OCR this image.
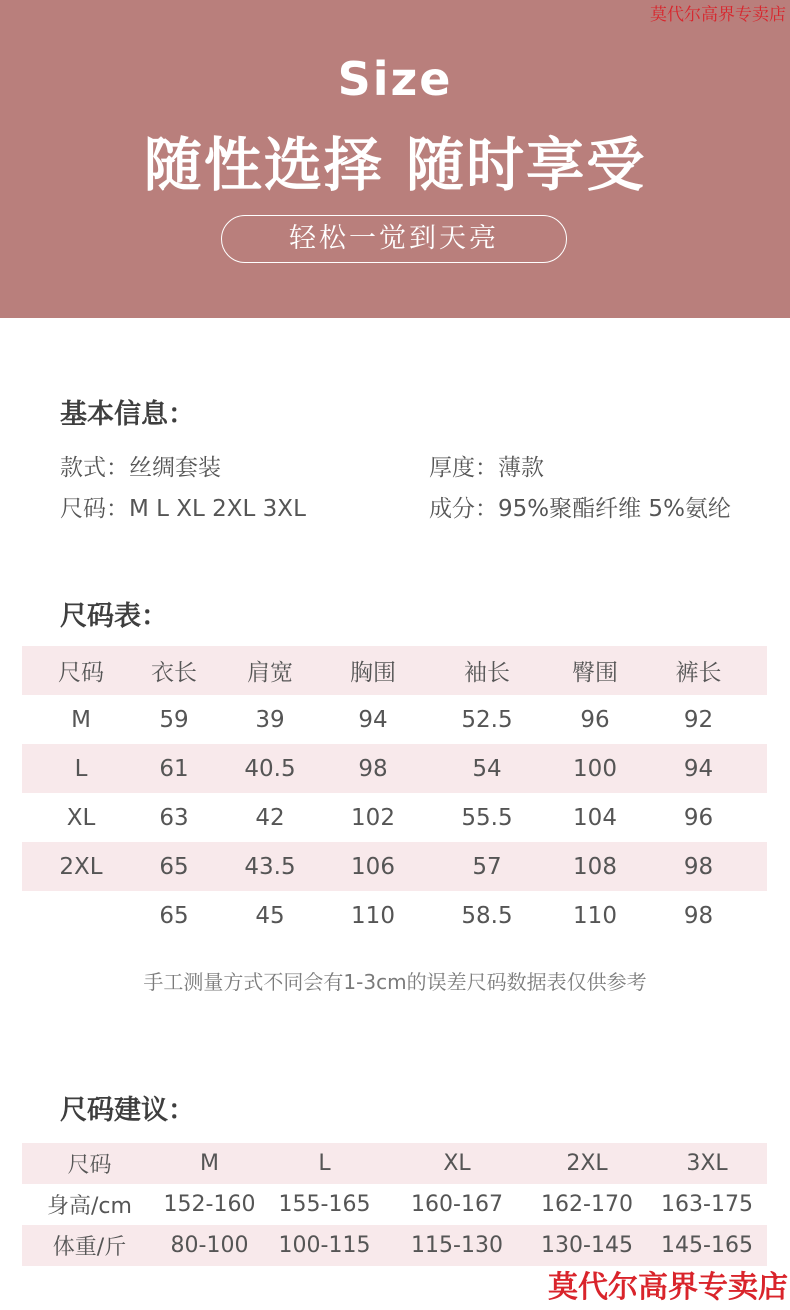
Size
随性选择 随时享受
轻松一觉到天亮
莫代尔高界专卖店
基本信息：
款式：丝绸套装	厚度：薄款
尺码：M L XL 2XL 3XL	成分：95%聚酯纤维 5%氨纶
尺码表：
尺码	衣长	肩宽	胸围	袖长	臀围	裤长
M	59	39	94	52.5	96	92
L	61	40.5	98	54	100	94
XL	63	42	102	55.5	104	96
2XL	65	43.5	106	57	108	98
	65	45	110	58.5	110	98
手工测量方式不同会有1-3cm的误差尺码数据表仅供参考
尺码建议：
尺码	M	L	XL	2XL	3XL
身高/cm	152-160	155-165	160-167	162-170	163-175
体重/斤	80-100	100-115	115-130	130-145	145-165
莫代尔高界专卖店
